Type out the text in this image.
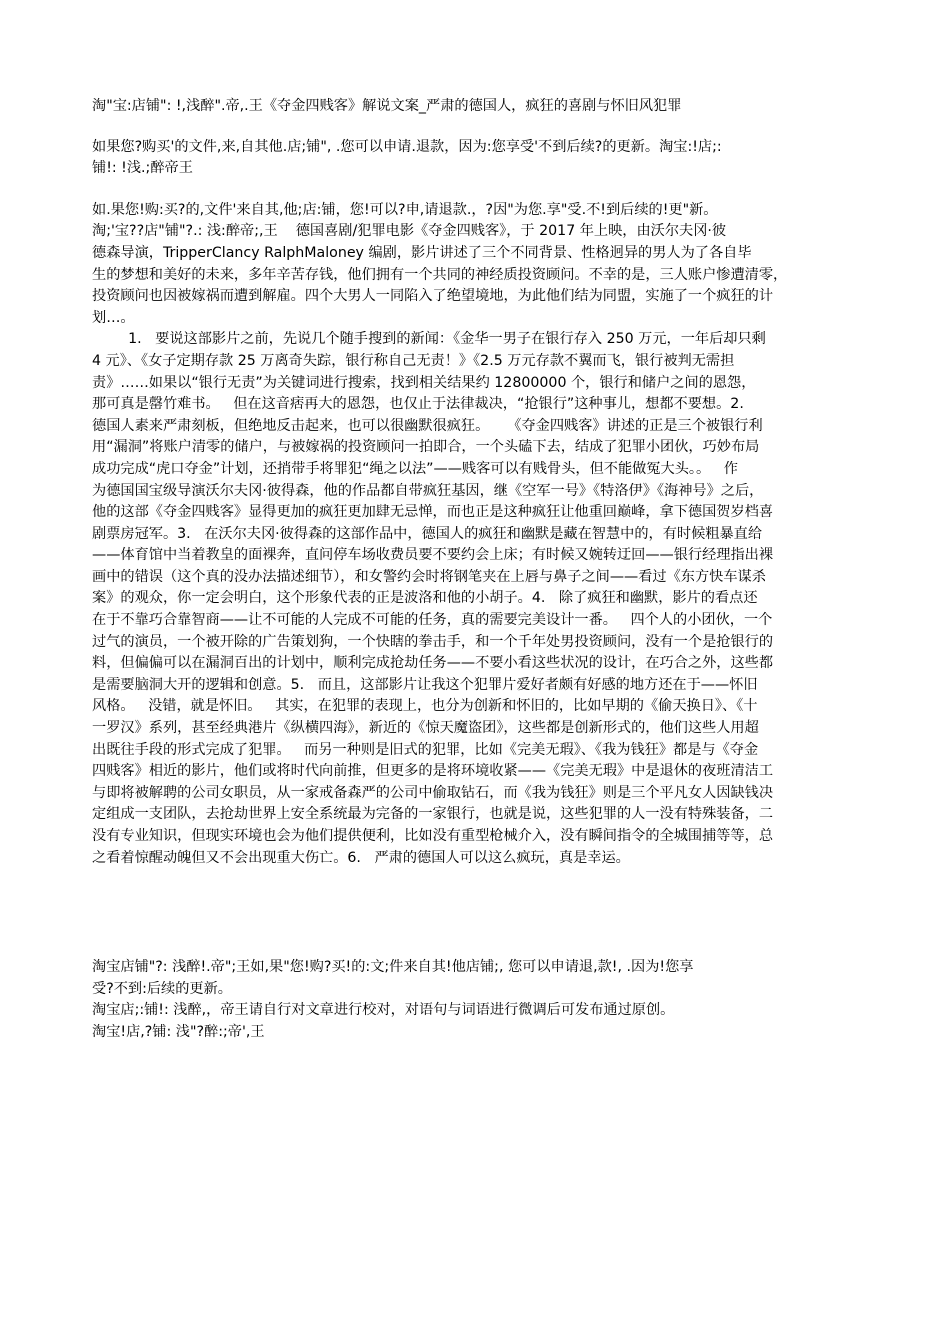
淘"宝:店铺": !,浅醉".帝,.王《夺金四贱客》解说文案_严肃的德国人，疯狂的喜剧与怀旧风犯罪

如果您?购买'的文件,来,自其他.店;铺", .您可以申请.退款，因为:您享受'不到后续?的更新。淘宝:!店;:

铺!: !浅.;醉帝王

如.果您!购:买?的,文件'来自其,他;店:铺，您!可以?申,请退款.，?因"为您.享"受.不!到后续的!更"新。

淘;'宝??店"铺"?.: 浅:醉帝;,王    德国喜剧/犯罪电影《夺金四贱客》，于 2017 年上映，由沃尔夫冈·彼

德森导演，TripperClancy RalphMaloney 编剧，影片讲述了三个不同背景、性格迥异的男人为了各自毕

生的梦想和美好的未来，多年辛苦存钱，他们拥有一个共同的神经质投资顾问。不幸的是，三人账户惨遭清零，

投资顾问也因被嫁祸而遭到解雇。四个大男人一同陷入了绝望境地，为此他们结为同盟，实施了一个疯狂的计

划…。

1.   要说这部影片之前，先说几个随手搜到的新闻：《金华一男子在银行存入 250 万元，一年后却只剩

4 元》、《女子定期存款 25 万离奇失踪，银行称自己无责！》《2.5 万元存款不翼而飞，银行被判无需担

责》……如果以“银行无责”为关键词进行搜索，找到相关结果约 12800000 个，银行和储户之间的恩怨，

那可真是罄竹难书。   但在这音痞再大的恩怨，也仅止于法律裁决，“抢银行”这种事儿，想都不要想。2.

德国人素来严肃刻板，但绝地反击起来，也可以很幽默很疯狂。    《夺金四贱客》讲述的正是三个被银行利

用“漏洞”将账户清零的储户，与被嫁祸的投资顾问一拍即合，一个头磕下去，结成了犯罪小团伙，巧妙布局

成功完成“虎口夺金”计划，还捎带手将罪犯“绳之以法”——贱客可以有贱骨头，但不能做冤大头。。   作

为德国国宝级导演沃尔夫冈·彼得森，他的作品都自带疯狂基因，继《空军一号》《特洛伊》《海神号》之后，

他的这部《夺金四贱客》显得更加的疯狂更加肆无忌惮，而也正是这种疯狂让他重回巅峰，拿下德国贺岁档喜

剧票房冠军。3.   在沃尔夫冈·彼得森的这部作品中，德国人的疯狂和幽默是藏在智慧中的，有时候粗暴直给

——体育馆中当着教皇的面裸奔，直问停车场收费员要不要约会上床；有时候又婉转迂回——银行经理指出裸

画中的错误（这个真的没办法描述细节），和女警约会时将钢笔夹在上唇与鼻子之间——看过《东方快车谋杀

案》的观众，你一定会明白，这个形象代表的正是波洛和他的小胡子。4.   除了疯狂和幽默，影片的看点还

在于不靠巧合靠智商——让不可能的人完成不可能的任务，真的需要完美设计一番。   四个人的小团伙，一个

过气的演员，一个被开除的广告策划狗，一个快瞎的拳击手，和一个千年处男投资顾问，没有一个是抢银行的

料，但偏偏可以在漏洞百出的计划中，顺利完成抢劫任务——不要小看这些状况的设计，在巧合之外，这些都

是需要脑洞大开的逻辑和创意。5.   而且，这部影片让我这个犯罪片爱好者颇有好感的地方还在于——怀旧

风格。   没错，就是怀旧。   其实，在犯罪的表现上，也分为创新和怀旧的，比如早期的《偷天换日》、《十

一罗汉》系列，甚至经典港片《纵横四海》，新近的《惊天魔盗团》，这些都是创新形式的，他们这些人用超

出既往手段的形式完成了犯罪。   而另一种则是旧式的犯罪，比如《完美无瑕》、《我为钱狂》都是与《夺金

四贱客》相近的影片，他们或将时代向前推，但更多的是将环境收紧——《完美无瑕》中是退休的夜班清洁工

与即将被解聘的公司女职员，从一家戒备森严的公司中偷取钻石，而《我为钱狂》则是三个平凡女人因缺钱决

定组成一支团队，去抢劫世界上安全系统最为完备的一家银行，也就是说，这些犯罪的人一没有特殊装备，二

没有专业知识，但现实环境也会为他们提供便利，比如没有重型枪械介入，没有瞬间指令的全城围捕等等，总

之看着惊醒动魄但又不会出现重大伤亡。6.   严肃的德国人可以这么疯玩，真是幸运。

淘宝店铺"?: 浅醉!.帝";王如,果"您!购?买!的:文;件来自其!他店铺;, 您可以申请退,款!, .因为!您享

受?不到:后续的更新。

淘宝店;:铺!: 浅醉,，帝王请自行对文章进行校对，对语句与词语进行微调后可发布通过原创。

淘宝!店,?铺: 浅"?醉:;帝',王
